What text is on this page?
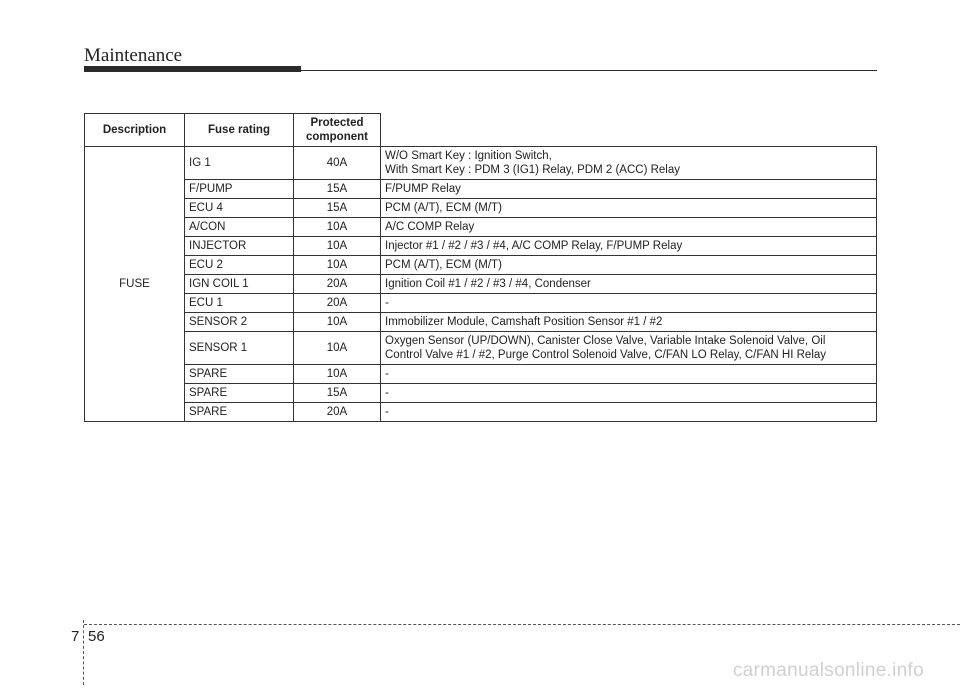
Maintenance
Description	Fuse rating	Protected component	
FUSE	IG 1	40A	W/O Smart Key : Ignition Switch,
With Smart Key : PDM 3 (IG1) Relay, PDM 2 (ACC) Relay
	F/PUMP	15A	F/PUMP Relay
	ECU 4	15A	PCM (A/T), ECM (M/T)
	A/CON	10A	A/C COMP Relay
	INJECTOR	10A	Injector #1 / #2 / #3 / #4, A/C COMP Relay, F/PUMP Relay
	ECU 2	10A	PCM (A/T), ECM (M/T)
	IGN COIL 1	20A	Ignition Coil #1 / #2 / #3 / #4, Condenser
	ECU 1	20A	-
	SENSOR 2	10A	Immobilizer Module, Camshaft Position Sensor #1 / #2
	SENSOR 1	10A	Oxygen Sensor (UP/DOWN), Canister Close Valve, Variable Intake Solenoid Valve, Oil
Control Valve #1 / #2, Purge Control Solenoid Valve, C/FAN LO Relay, C/FAN HI Relay
	SPARE	10A	-
	SPARE	15A	-
	SPARE	20A	-
7 56
carmanualsonline.info
